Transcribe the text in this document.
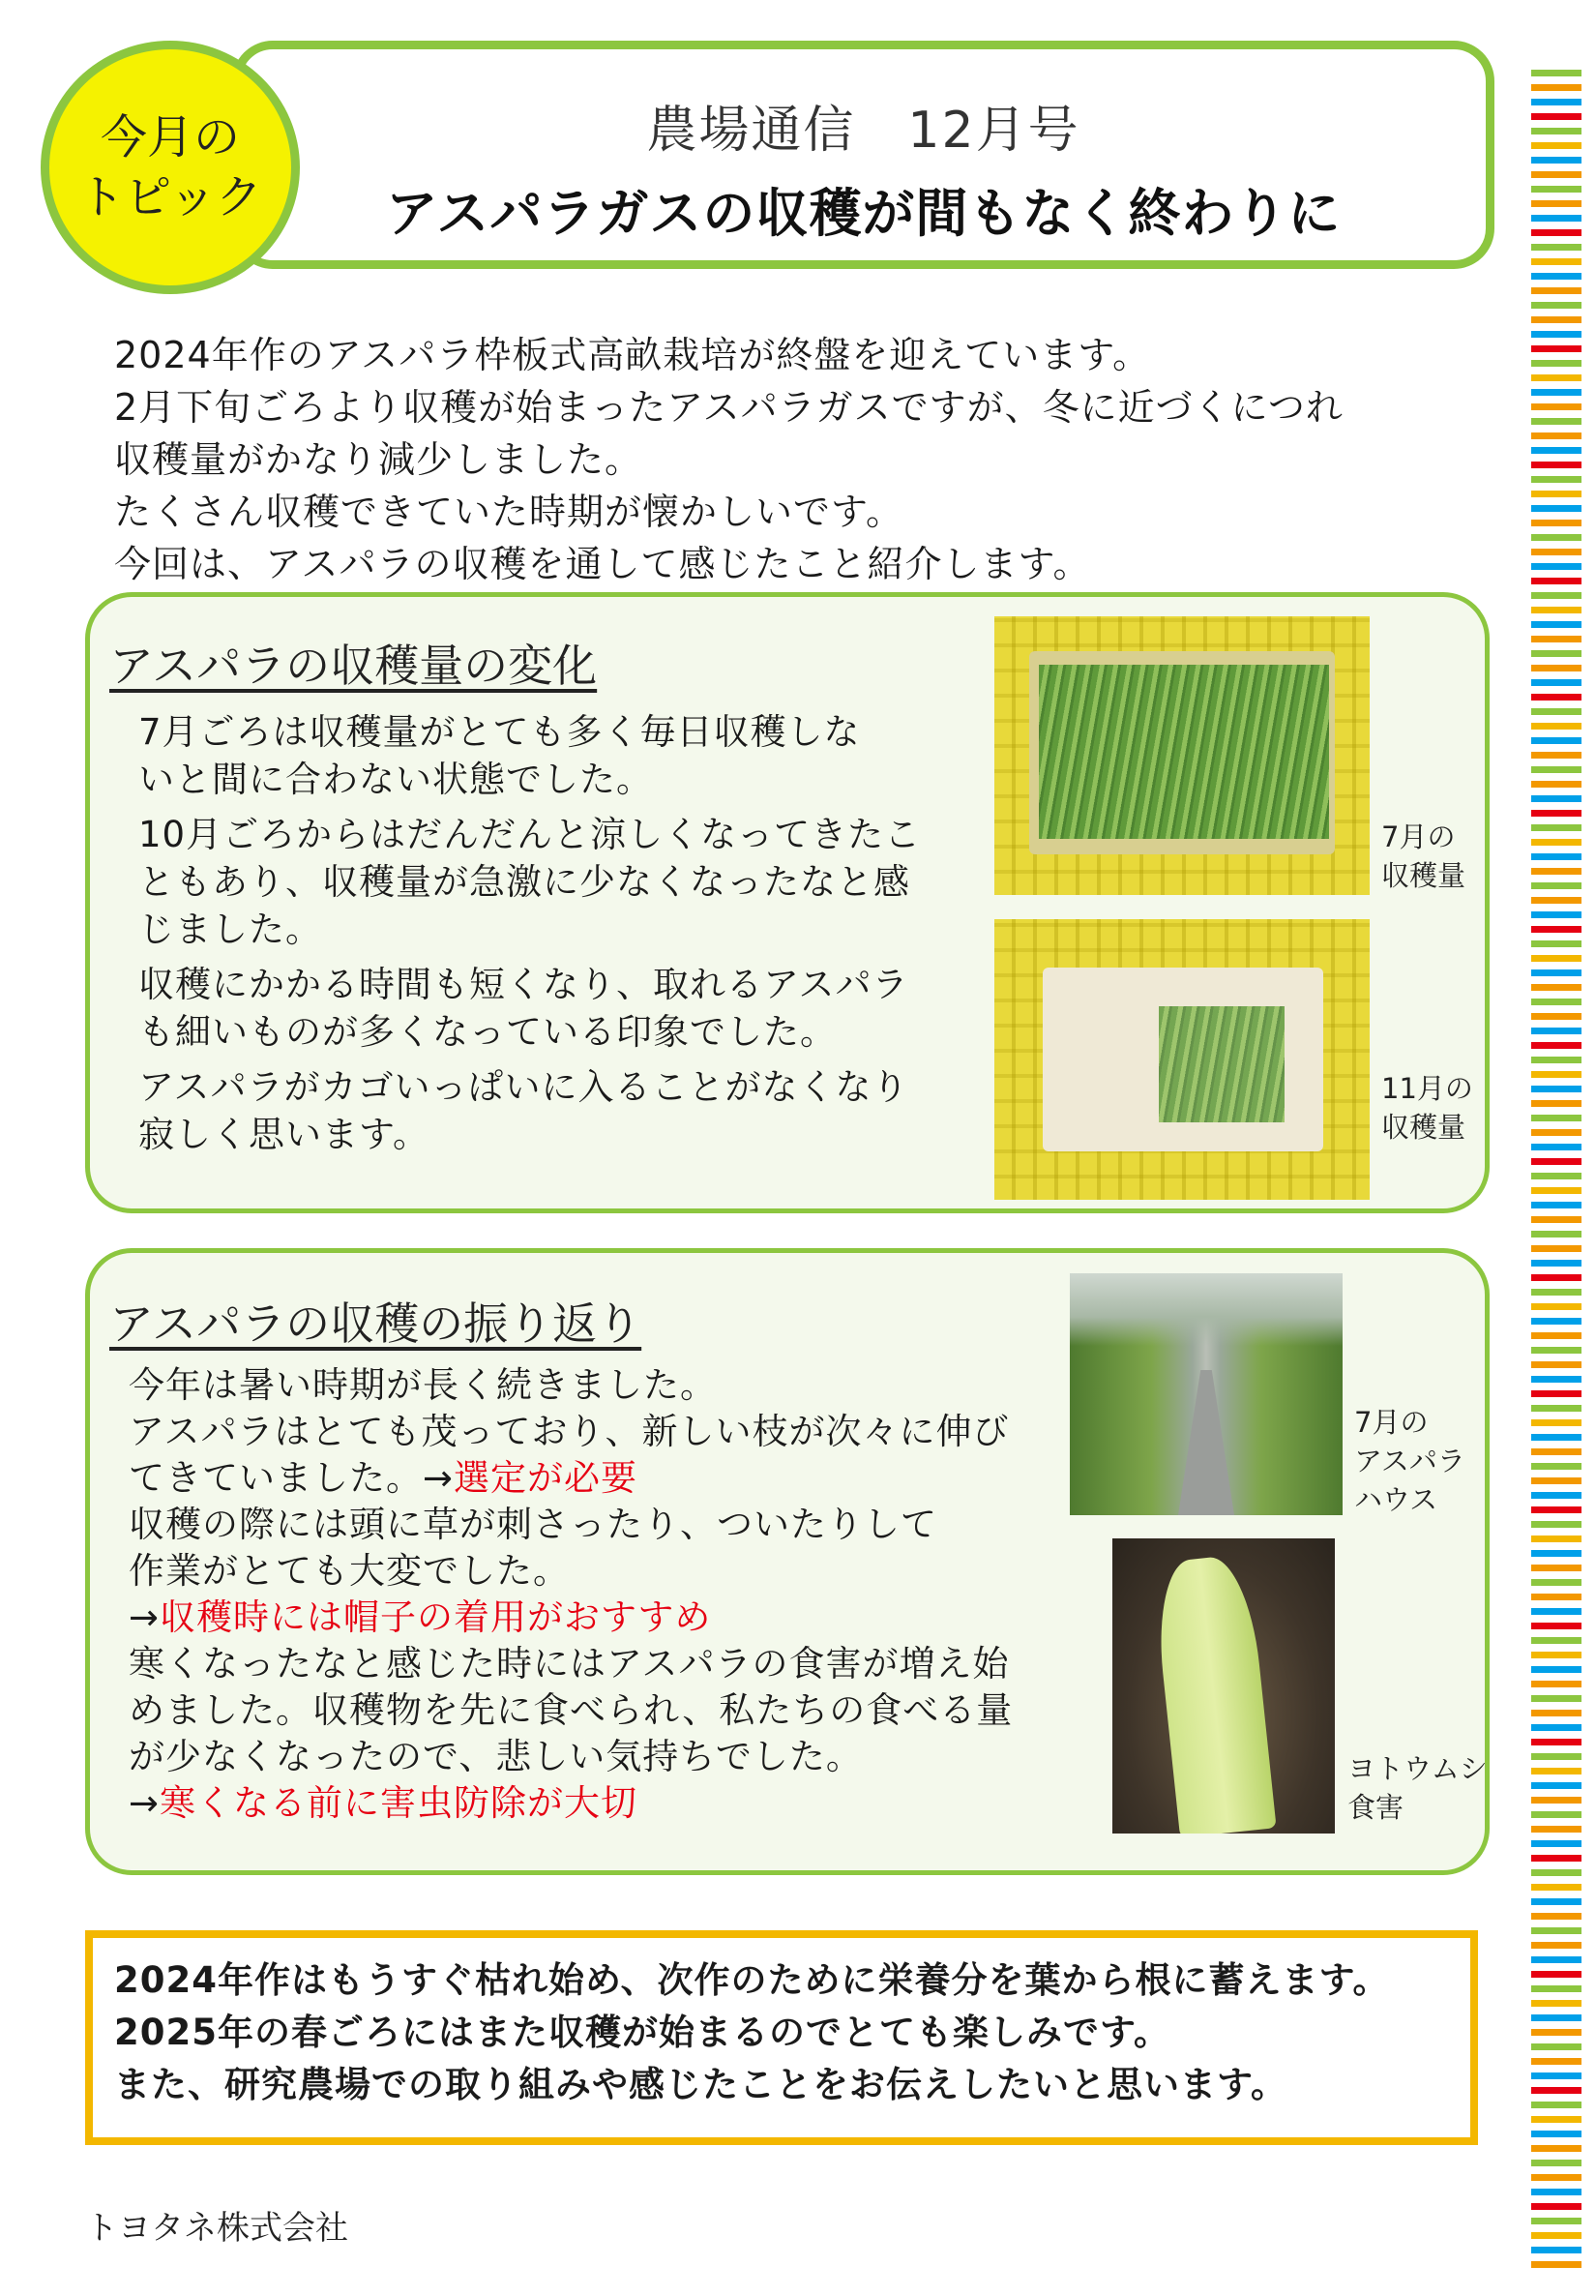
農場通信　12月号
アスパラガスの収穫が間もなく終わりに
今月の
トピック
2024年作のアスパラ枠板式高畝栽培が終盤を迎えています。
2月下旬ごろより収穫が始まったアスパラガスですが、冬に近づくにつれ
収穫量がかなり減少しました。
たくさん収穫できていた時期が懐かしいです。
今回は、アスパラの収穫を通して感じたこと紹介します。
アスパラの収穫量の変化

7月ごろは収穫量がとても多く毎日収穫しな
いと間に合わない状態でした。

10月ごろからはだんだんと涼しくなってきたこ
ともあり、収穫量が急激に少なくなったなと感
じました。

収穫にかかる時間も短くなり、取れるアスパラ
も細いものが多くなっている印象でした。

アスパラがカゴいっぱいに入ることがなくなり
寂しく思います。

7月の
収穫量
11月の
収穫量
アスパラの収穫の振り返り
今年は暑い時期が長く続きました。
アスパラはとても茂っており、新しい枝が次々に伸び
てきていました。→選定が必要
収穫の際には頭に草が刺さったり、ついたりして
作業がとても大変でした。
→収穫時には帽子の着用がおすすめ
寒くなったなと感じた時にはアスパラの食害が増え始
めました。収穫物を先に食べられ、私たちの食べる量
が少なくなったので、悲しい気持ちでした。
→寒くなる前に害虫防除が大切
7月の
アスパラ
ハウス
ヨトウムシ
食害
2024年作はもうすぐ枯れ始め、次作のために栄養分を葉から根に蓄えます。
2025年の春ごろにはまた収穫が始まるのでとても楽しみです。
また、研究農場での取り組みや感じたことをお伝えしたいと思います。
トヨタネ株式会社
